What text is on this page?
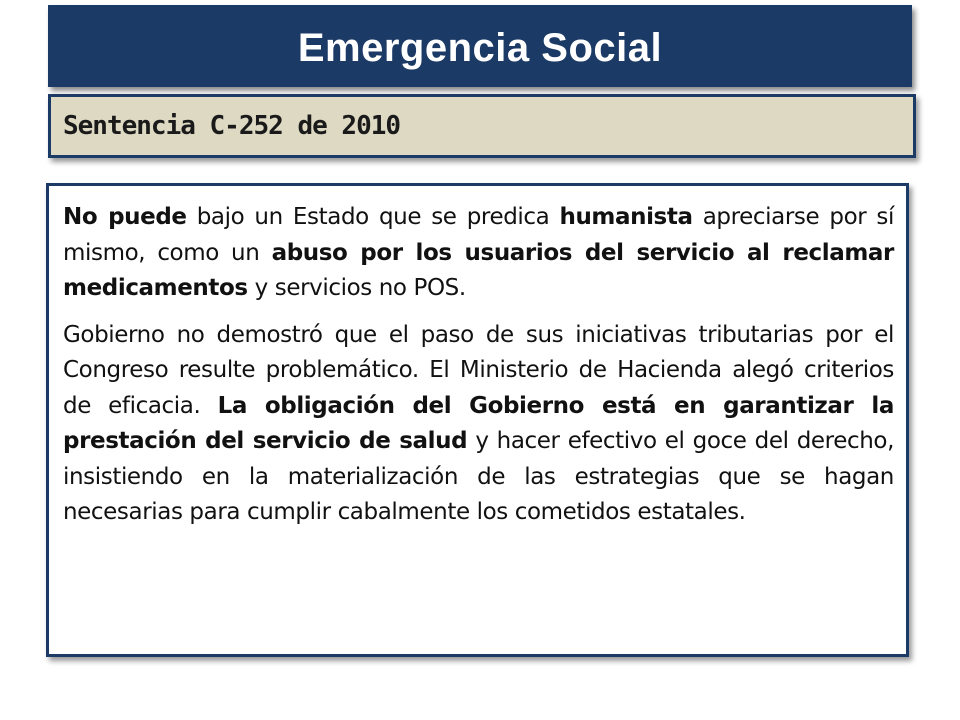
Emergencia Social
Sentencia C-252 de 2010

No puede bajo un Estado que se predica humanista apreciarse por sí mismo, como un abuso por los usuarios del servicio al reclamar medicamentos y servicios no POS.

Gobierno no demostró que el paso de sus iniciativas tributarias por el Congreso resulte problemático. El Ministerio de Hacienda alegó criterios de eficacia. La obligación del Gobierno está en garantizar la prestación del servicio de salud y hacer efectivo el goce del derecho, insistiendo en la materialización de las estrategias que se hagan necesarias para cumplir cabalmente los cometidos estatales.
